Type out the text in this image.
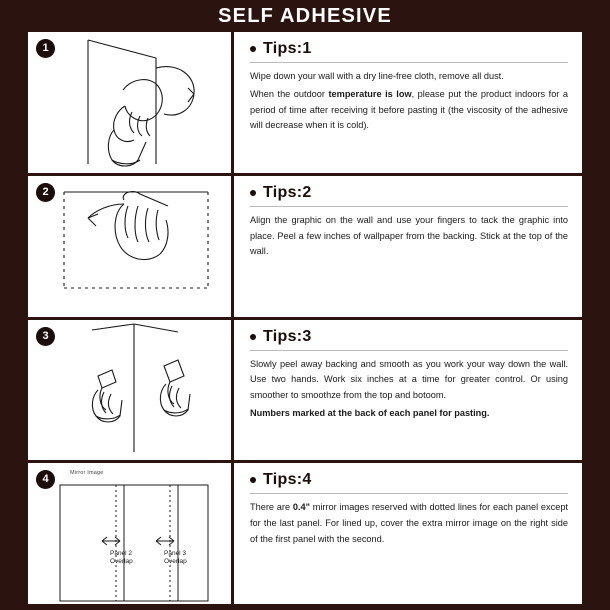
SELF ADHESIVE
1	Tips:1

Wipe down your wall with a dry line-free cloth, remove all dust.

When the outdoor temperature is low, please put the product indoors for a period of time after receiving it before pasting it (the viscosity of the adhesive will decrease when it is cold).

2	Tips:2

Align the graphic on the wall and use your fingers to tack the graphic into place. Peel a few inches of wallpaper from the backing. Stick at the top of the wall.

3	Tips:3

Slowly peel away backing and smooth as you work your way down the wall. Use two hands. Work six inches at a time for greater control. Or using smoother to smoothze from the top and botoom.

Numbers marked at the back of each panel for pasting.

4	Mirror Image
Panel 2
Overlap
Panel 3
Overlap
Tips:4

There are 0.4" mirror images reserved with dotted lines for each panel except for the last panel. For lined up, cover the extra mirror image on the right side of the first panel with the second.
